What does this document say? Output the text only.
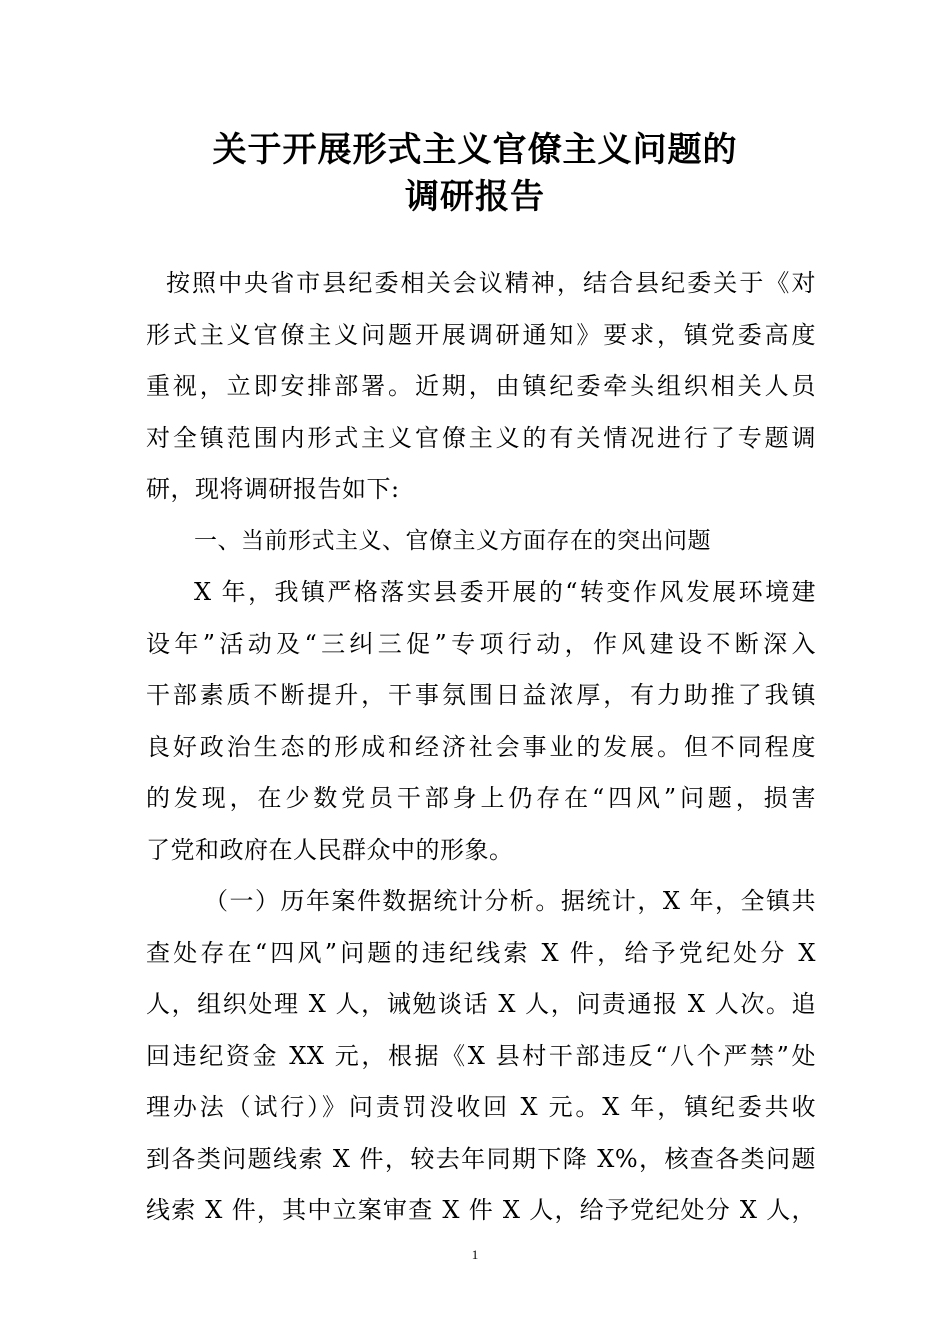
关于开展形式主义官僚主义问题的
调研报告
按照中央省市县纪委相关会议精神，结合县纪委关于《对
形式主义官僚主义问题开展调研通知》要求，镇党委高度
重视，立即安排部署。近期，由镇纪委牵头组织相关人员
对全镇范围内形式主义官僚主义的有关情况进行了专题调
研，现将调研报告如下:
一、当前形式主义、官僚主义方面存在的突出问题
X 年，我镇严格落实县委开展的“转变作风发展环境建
设年”活动及“三纠三促”专项行动，作风建设不断深入
干部素质不断提升，干事氛围日益浓厚，有力助推了我镇
良好政治生态的形成和经济社会事业的发展。但不同程度
的发现，在少数党员干部身上仍存在“四风”问题，损害
了党和政府在人民群众中的形象。
（一）历年案件数据统计分析。据统计，X 年，全镇共
查处存在“四风”问题的违纪线索 X 件，给予党纪处分 X
人，组织处理 X 人，诫勉谈话 X 人，问责通报 X 人次。追
回违纪资金 XX 元，根据《X 县村干部违反“八个严禁”处
理办法（试行）》问责罚没收回 X 元。X 年，镇纪委共收
到各类问题线索 X 件，较去年同期下降 X%，核查各类问题
线索 X 件，其中立案审查 X 件 X 人，给予党纪处分 X 人，
1
